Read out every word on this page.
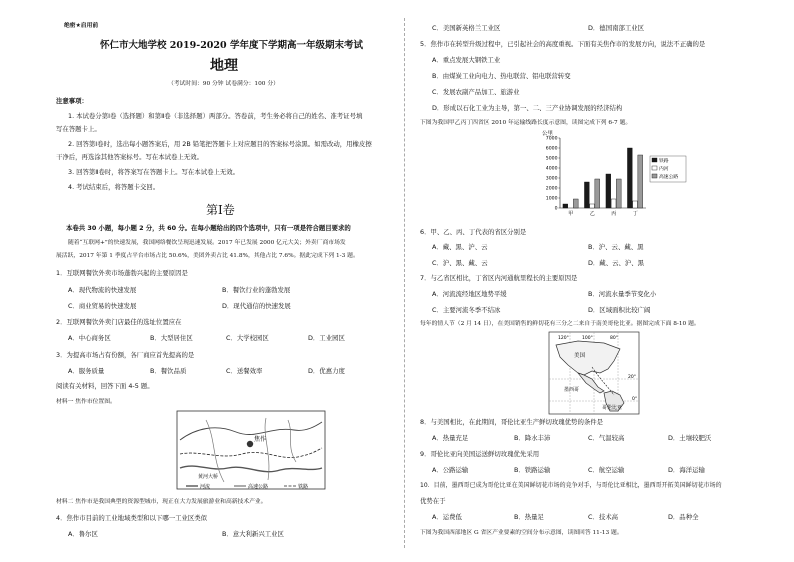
绝密★启用前
怀仁市大地学校 2019-2020 学年度下学期高一年级期末考试
地理
（考试时间：90 分钟 试卷满分：100 分）
注意事项：
1. 本试卷分第Ⅰ卷（选择题）和第Ⅱ卷（非选择题）两部分。答卷前，考生务必将自己的姓名、准考证号填
写在答题卡上。
2. 回答第Ⅰ卷时，选出每小题答案后，用 2B 铅笔把答题卡上对应题目的答案标号涂黑。如需改动，用橡皮擦
干净后，再选涂其他答案标号。写在本试卷上无效。
3. 回答第Ⅱ卷时，将答案写在答题卡上。写在本试卷上无效。
4. 考试结束后，将答题卡交回。
第Ⅰ卷
本卷共 30 小题，每小题 2 分，共 60 分。在每小题给出的四个选项中，只有一项是符合题目要求的
随着“互联网+”的快速发展，我国网络餐饮呈现迅速发展。2017 年已发展 2000 亿元大关；外卖厂商市场发
展活跃，2017 年第 1 季度占平台市场占比 50.6%，美团外卖占比 41.8%，其他占比 7.6%。据此完成下列 1-3 题。
1．互联网餐饮外卖市场蓬勃兴起的主要原因是
A．现代物流的快速发展	B．餐饮行业的蓬勃发展
C．商业贸易的快速发展	D．现代通信的快速发展
2．互联网餐饮外卖门店最佳的选址位置应在
A．中心商务区	B．大型居住区	C．大学校园区	D．工业园区
3．为提高市场占有份额，各厂商应首先提高的是
A．服务质量	B．餐饮品质	C．送餐效率	D．优惠力度
阅读有关材料，回答下面 4-5 题。
材料一 焦作市位置图。
焦作
黄河大桥
河流	高速公路	铁路
材料二 焦作市是我国典型的资源型城市，现正在大力发展旅游业和高新技术产业。
4．焦作市目前的工业地域类型和以下哪一工业区类似
A．鲁尔区	B．意大利新兴工业区
C．美国新英格兰工业区	D．德国南部工业区
5．焦作市在转型升级过程中，已引起社会的高度重视。下面有关焦作市的发展方向，说法不正确的是
A．重点发展大钢铁工业
B．由煤炭工业向电力、热电联营、铝电联营转变
C．发展农副产品加工、旅游业
D．形成以石化工业为主导，第一、二、三产业协调发展的经济结构
下图为我国甲乙丙丁四省区 2010 年运输线路长度示意图，读图完成下列 6-7 题。
公里
0
1000
2000
3000
4000
5000
6000
7000
甲	乙	丙	丁
铁路
内河
高速公路
6．甲、乙、丙、丁代表的省区分别是
A．藏、黑、沪、云	B．沪、云、藏、黑
C．沪、黑、藏、云	D．藏、云、沪、黑
7．与乙省区相比，丁省区内河通航里程长的主要原因是
A．河流流经地区地势平缓	B．河流水量季节变化小
C．主要河流冬季不结冰	D．区域面积比较广阔
每年的情人节（2 月 14 日），在美国销售的鲜切花有三分之二来自于南美哥伦比亚。据图完成下面 8-10 题。
美国
墨西哥
哥伦比亚
20°
120°	100°	80°
0°
8．与美国相比，在此期间，哥伦比亚生产鲜切玫瑰优势的条件是
A．热量充足	B．降水丰沛	C．气温较高	D．土壤较肥沃
9．哥伦比亚向美国运送鲜切玫瑰优先采用
A．公路运输	B．铁路运输	C．航空运输	D．海洋运输
10．目前，墨西哥已成为哥伦比亚在美国鲜切花市场的竞争对手，与哥伦比亚相比，墨西哥开拓美国鲜切花市场的
优势在于
A．运费低	B．热量足	C．技术高	D．品种全
下图为我国西部地区 G 省区产业要素的空间分布示意图，读图回答 11-13 题。
